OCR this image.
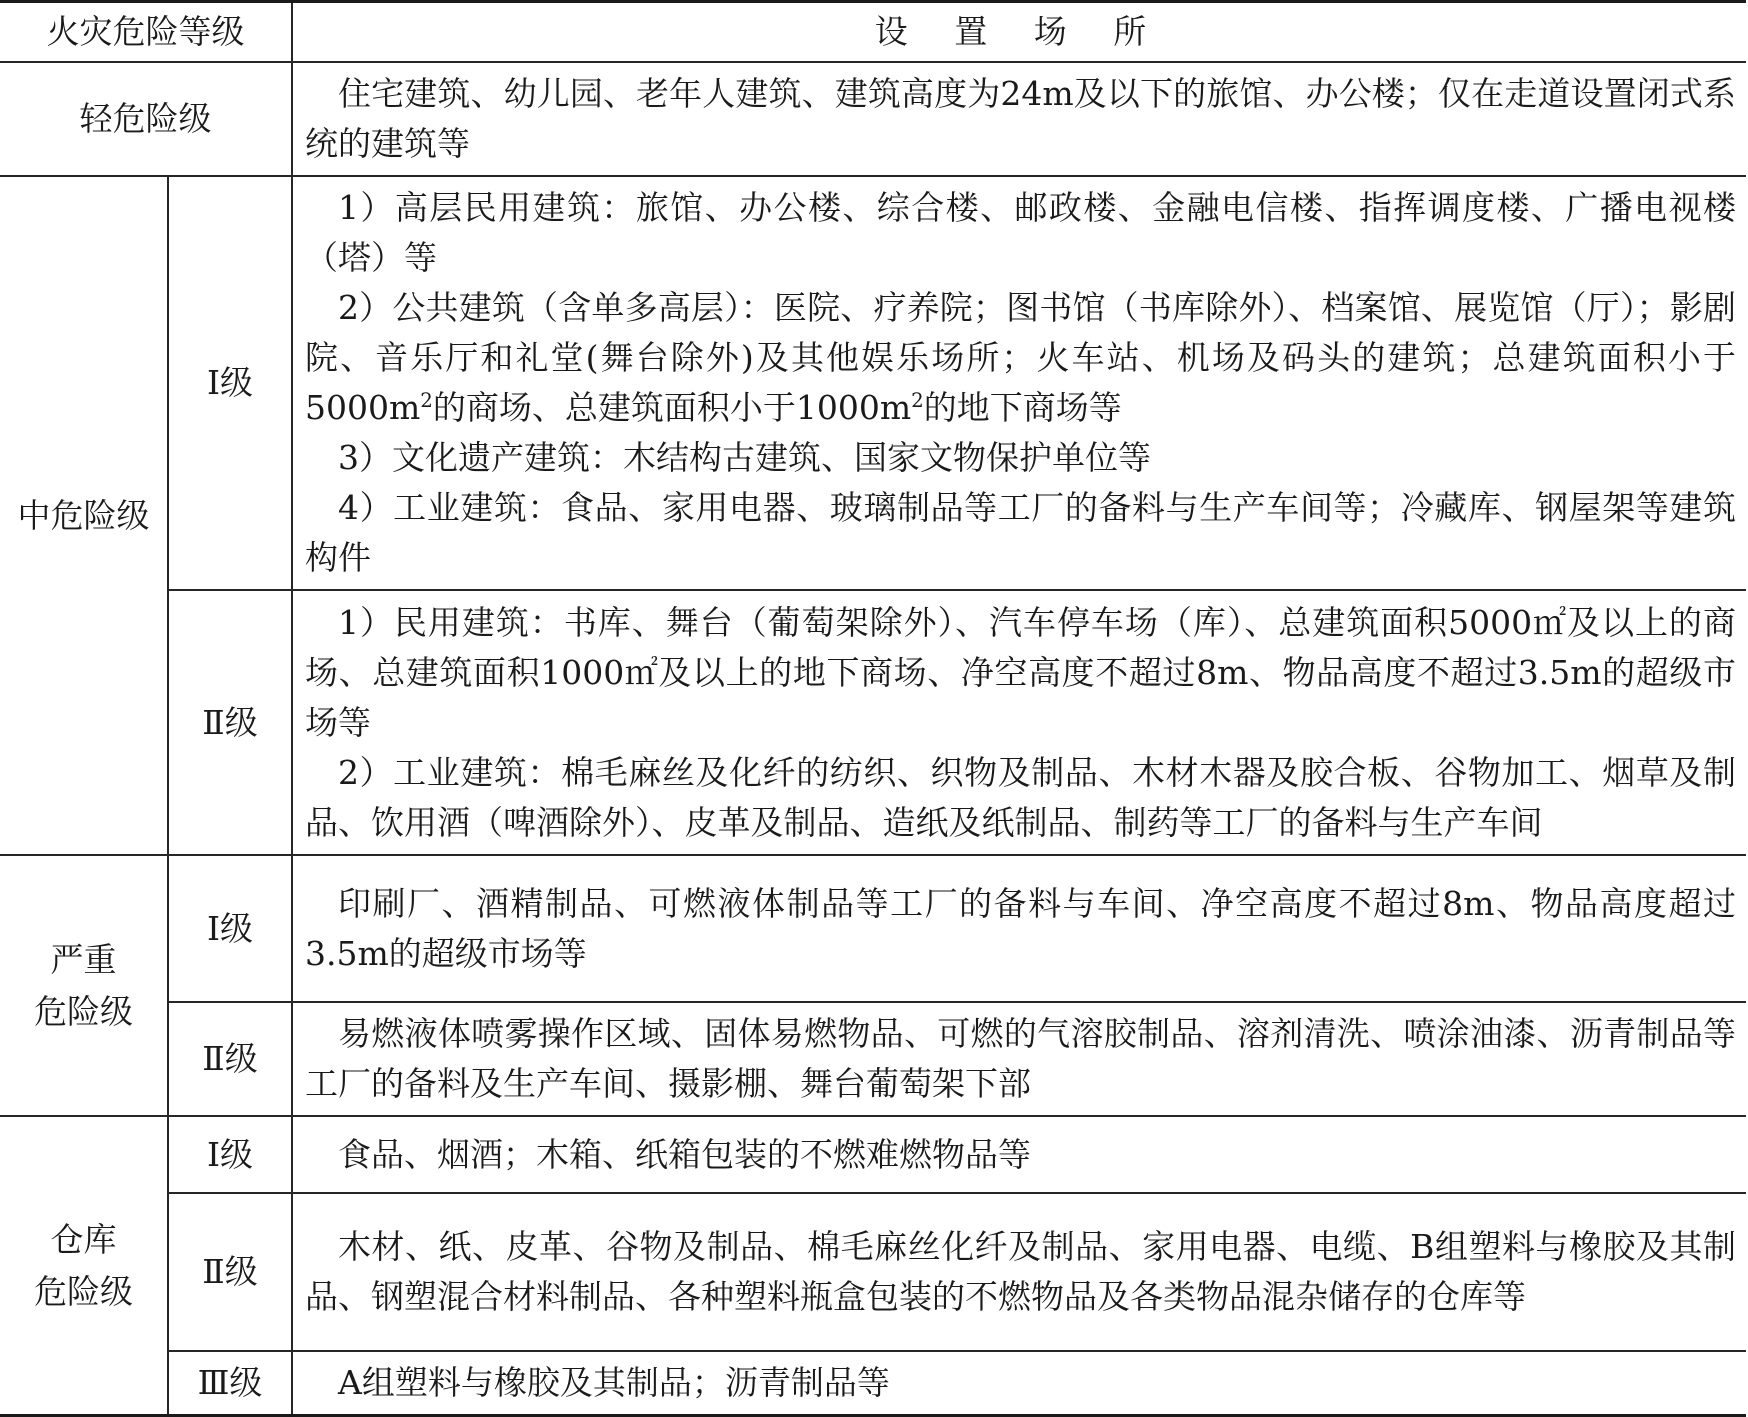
火灾危险等级		设 置 场 所
轻危险级		住宅建筑、幼儿园、老年人建筑、建筑高度为24m及以下的旅馆、办公楼；仅在走道设置闭式系统的建筑等

中危险级	Ⅰ级	1）高层民用建筑：旅馆、办公楼、综合楼、邮政楼、金融电信楼、指挥调度楼、广播电视楼（塔）等

2）公共建筑（含单多高层）：医院、疗养院；图书馆（书库除外）、档案馆、展览馆（厅）；影剧院、音乐厅和礼堂(舞台除外)及其他娱乐场所；火车站、机场及码头的建筑；总建筑面积小于$5000m^2$的商场、总建筑面积小于$1000m^2$的地下商场等

3）文化遗产建筑：木结构古建筑、国家文物保护单位等

4）工业建筑：食品、家用电器、玻璃制品等工厂的备料与生产车间等；冷藏库、钢屋架等建筑构件

	Ⅱ级	1）民用建筑：书库、舞台（葡萄架除外）、汽车停车场（库）、总建筑面积5000㎡及以上的商场、总建筑面积1000㎡及以上的地下商场、净空高度不超过8m、物品高度不超过3.5m的超级市场等

2）工业建筑：棉毛麻丝及化纤的纺织、织物及制品、木材木器及胶合板、谷物加工、烟草及制品、饮用酒（啤酒除外）、皮革及制品、造纸及纸制品、制药等工厂的备料与生产车间

严重
危险级	Ⅰ级	印刷厂、酒精制品、可燃液体制品等工厂的备料与车间、净空高度不超过8m、物品高度超过3.5m的超级市场等

	Ⅱ级	易燃液体喷雾操作区域、固体易燃物品、可燃的气溶胶制品、溶剂清洗、喷涂油漆、沥青制品等工厂的备料及生产车间、摄影棚、舞台葡萄架下部

仓库
危险级	Ⅰ级	食品、烟酒；木箱、纸箱包装的不燃难燃物品等

	Ⅱ级	木材、纸、皮革、谷物及制品、棉毛麻丝化纤及制品、家用电器、电缆、B组塑料与橡胶及其制品、钢塑混合材料制品、各种塑料瓶盒包装的不燃物品及各类物品混杂储存的仓库等

	Ⅲ级	A组塑料与橡胶及其制品；沥青制品等
